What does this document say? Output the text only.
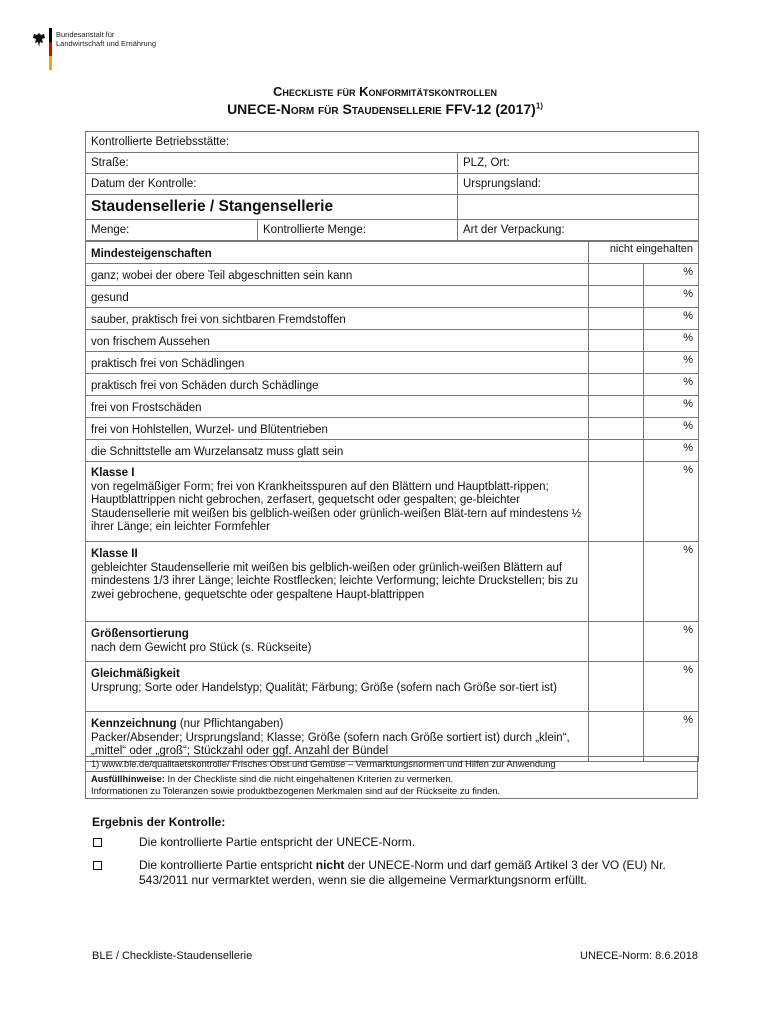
Bundesanstalt für
Landwirtschaft und Ernährung
Checkliste für Konformitätskontrollen
UNECE-Norm für Staudensellerie FFV-12 $(2017)^{1)}$
Kontrollierte Betriebsstätte:		
Straße:		PLZ, Ort:
Datum der Kontrolle:		Ursprungsland:
Staudensellerie / Stangensellerie		
Menge:	Kontrollierte Menge:	Art der Verpackung:
Mindesteigenschaften	nicht eingehalten	
ganz; wobei der obere Teil abgeschnitten sein kann		%
gesund		%
sauber, praktisch frei von sichtbaren Fremdstoffen		%
von frischem Aussehen		%
praktisch frei von Schädlingen		%
praktisch frei von Schäden durch Schädlinge		%
frei von Frostschäden		%
frei von Hohlstellen, Wurzel- und Blütentrieben		%
die Schnittstelle am Wurzelansatz muss glatt sein		%

Klasse I
von regelmäßiger Form; frei von Krankheitsspuren auf den Blättern und Hauptblatt-rippen; Hauptblattrippen nicht gebrochen, zerfasert, gequetscht oder gespalten; ge-bleichter Staudensellerie mit weißen bis gelblich-weißen oder grünlich-weißen Blät-tern auf mindestens ½ ihrer Länge; ein leichter Formfehler		%

Klasse II
gebleichter Staudensellerie mit weißen bis gelblich-weißen oder grünlich-weißen Blättern auf mindestens 1/3 ihrer Länge; leichte Rostflecken; leichte Verformung; leichte Druckstellen; bis zu zwei gebrochene, gequetschte oder gespaltene Haupt-blattrippen		%

Größensortierung
nach dem Gewicht pro Stück (s. Rückseite)		%

Gleichmäßigkeit
Ursprung; Sorte oder Handelstyp; Qualität; Färbung; Größe (sofern nach Größe sor-tiert ist)		%

Kennzeichnung (nur Pflichtangaben)
Packer/Absender; Ursprungsland; Klasse; Größe (sofern nach Größe sortiert ist) durch „klein“, „mittel“ oder „groß“; Stückzahl oder ggf. Anzahl der Bündel		%
1) www.ble.de/qualitaetskontrolle/ Frisches Obst und Gemüse – Vermarktungsnormen und Hilfen zur Anwendung
Ausfüllhinweise: In der Checkliste sind die nicht eingehaltenen Kriterien zu vermerken.
Informationen zu Toleranzen sowie produktbezogenen Merkmalen sind auf der Rückseite zu finden.
Ergebnis der Kontrolle:
Die kontrollierte Partie entspricht der UNECE-Norm.
Die kontrollierte Partie entspricht nicht der UNECE-Norm und darf gemäß Artikel 3 der VO (EU) Nr. 543/2011 nur vermarktet werden, wenn sie die allgemeine Vermarktungsnorm erfüllt.
BLE / Checkliste-Staudensellerie	UNECE-Norm: 8.6.2018
